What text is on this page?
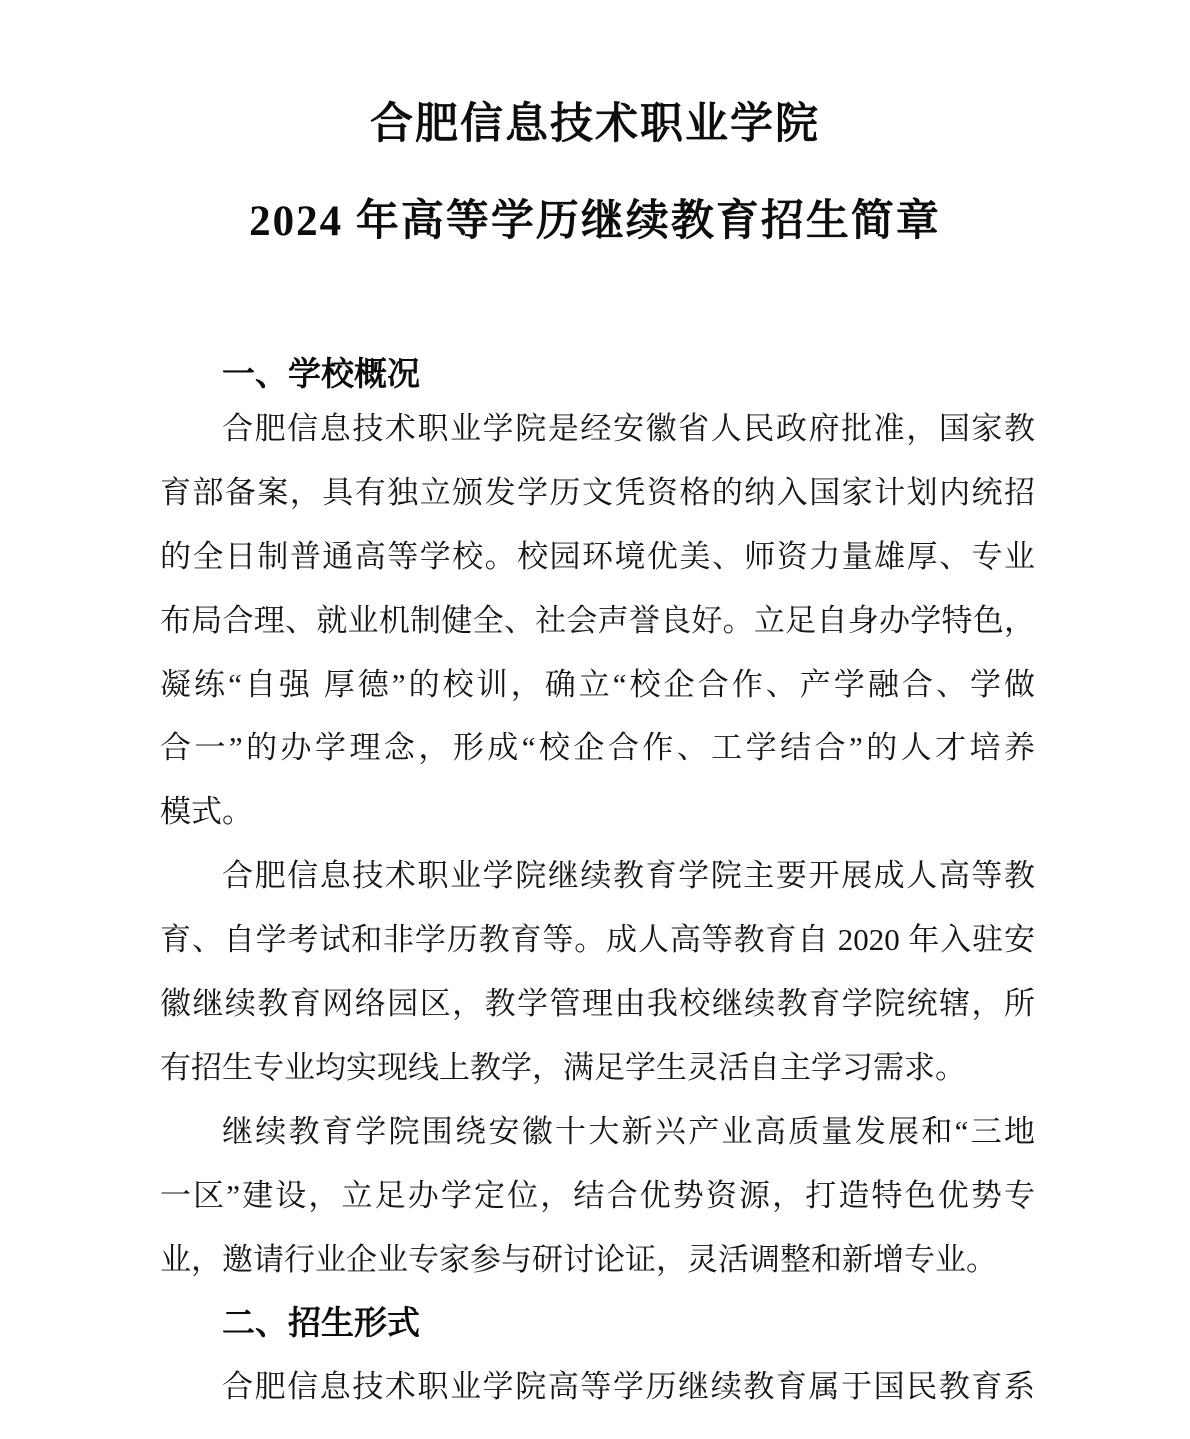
合肥信息技术职业学院
2024 年高等学历继续教育招生简章
一、学校概况
合肥信息技术职业学院是经安徽省人民政府批准，国家教
育部备案，具有独立颁发学历文凭资格的纳入国家计划内统招
的全日制普通高等学校。校园环境优美、师资力量雄厚、专业
布局合理、就业机制健全、社会声誉良好。立足自身办学特色，
凝练“自强 厚德”的校训，确立“校企合作、产学融合、学做
合一”的办学理念，形成“校企合作、工学结合”的人才培养
模式。
合肥信息技术职业学院继续教育学院主要开展成人高等教
育、自学考试和非学历教育等。成人高等教育自 2020 年入驻安
徽继续教育网络园区，教学管理由我校继续教育学院统辖，所
有招生专业均实现线上教学，满足学生灵活自主学习需求。
继续教育学院围绕安徽十大新兴产业高质量发展和“三地
一区”建设，立足办学定位，结合优势资源，打造特色优势专
业，邀请行业企业专家参与研讨论证，灵活调整和新增专业。
二、招生形式
合肥信息技术职业学院高等学历继续教育属于国民教育系
